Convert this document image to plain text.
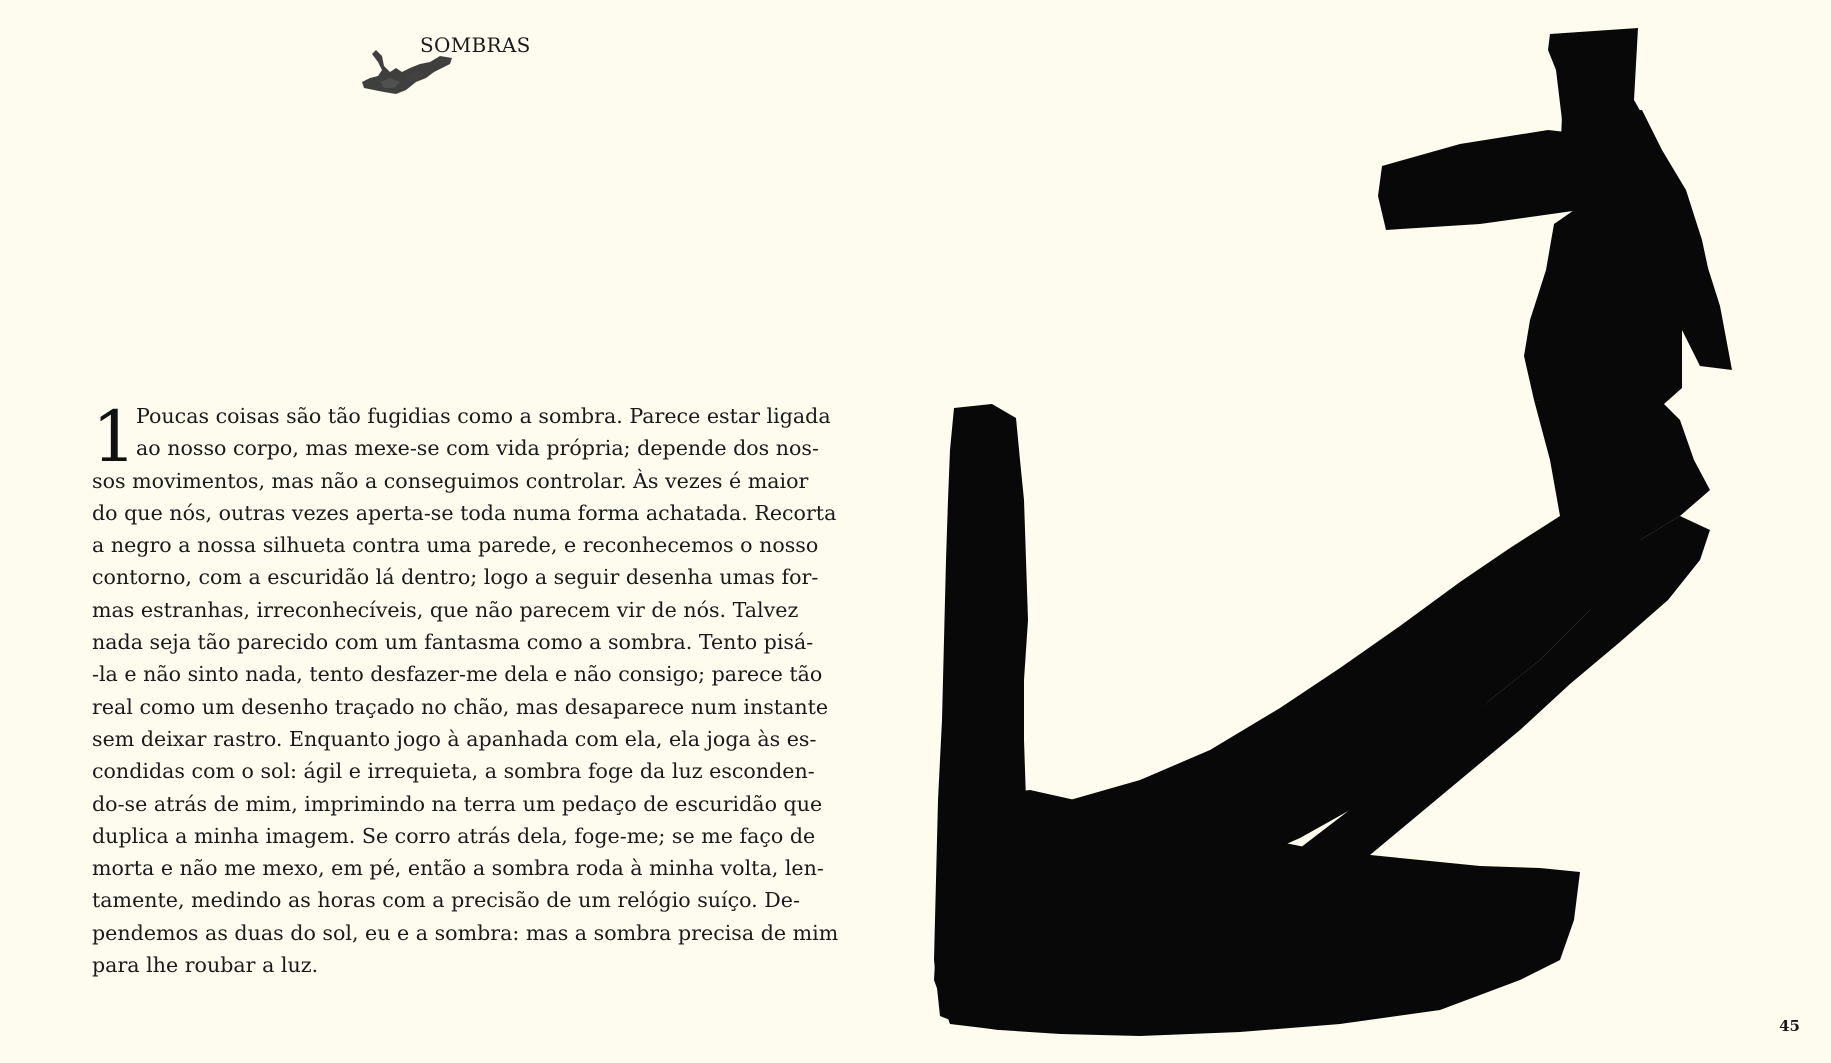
SOMBRAS
1 Poucas coisas são tão fugidias como a sombra. Parece estar ligada
ao nosso corpo, mas mexe-se com vida própria; depende dos nos-
sos movimentos, mas não a conseguimos controlar. Às vezes é maior
do que nós, outras vezes aperta-se toda numa forma achatada. Recorta
a negro a nossa silhueta contra uma parede, e reconhecemos o nosso
contorno, com a escuridão lá dentro; logo a seguir desenha umas for-
mas estranhas, irreconhecíveis, que não parecem vir de nós. Talvez
nada seja tão parecido com um fantasma como a sombra. Tento pisá-
-la e não sinto nada, tento desfazer-me dela e não consigo; parece tão
real como um desenho traçado no chão, mas desaparece num instante
sem deixar rastro. Enquanto jogo à apanhada com ela, ela joga às es-
condidas com o sol: ágil e irrequieta, a sombra foge da luz esconden-
do-se atrás de mim, imprimindo na terra um pedaço de escuridão que
duplica a minha imagem. Se corro atrás dela, foge-me; se me faço de
morta e não me mexo, em pé, então a sombra roda à minha volta, len-
tamente, medindo as horas com a precisão de um relógio suíço. De-
pendemos as duas do sol, eu e a sombra: mas a sombra precisa de mim
para lhe roubar a luz.
45
